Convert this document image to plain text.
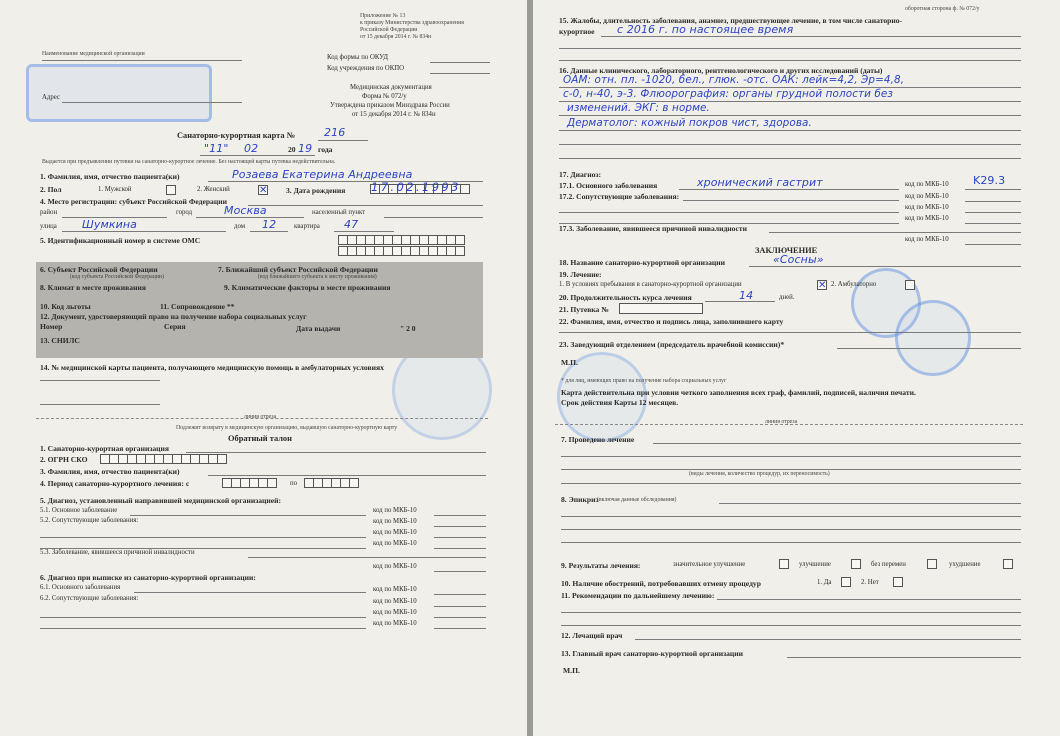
Приложение № 13
к приказу Министерства здравоохранения
Российской Федерации
от 15 декабря 2014 г. № 834н
Наименование медицинской организации
Адрес
Код формы по ОКУД
Код учреждения по ОКПО
Медицинская документация
Форма № 072/у
Утверждена приказом Минздрава России
от 15 декабря 2014 г. № 834н
Санаторно-курортная карта №	216
"11" 02	20 19 года
Выдается при предъявлении путевки на санаторно-курортное лечение. Без настоящей карты путевка недействительна.
1. Фамилия, имя, отчество пациента(ки)	Розаева Екатерина Андреевна
2. Пол	1. Мужской	2. Женский	✕ 3. Дата рождения 17.02.1993
4. Место регистрации: субъект Российской Федерации
район	город	Москва	населенный пункт
улица Шумкина	дом 12	квартира 47
5. Идентификационный номер в системе ОМС
6. Субъект Российской Федерации
(код субъекта Российской Федерации)
7. Ближайший субъект Российской Федерации
(код ближайшего субъекта к месту проживания)
8. Климат в месте проживания	9. Климатические факторы в месте проживания
10. Код льготы	11. Сопровождение **
12. Документ, удостоверяющий право на получение набора социальных услуг
Номер	Серия	Дата выдачи	" 2 0
13. СНИЛС
14. № медицинской карты пациента, получающего медицинскую помощь в амбулаторных условиях
линия отреза
Подлежит возврату в медицинскую организацию, выдавшую санаторно-курортную карту
Обратный талон
1. Санаторно-курортная организация
2. ОГРН СКО
3. Фамилия, имя, отчество пациента(ки)
4. Период санаторно-курортного лечения: с	по
5. Диагноз, установленный направившей медицинской организацией:
5.1. Основное заболевание	код по МКБ-10
5.2. Сопутствующие заболевания:	код по МКБ-10
код по МКБ-10
код по МКБ-10
5.3. Заболевание, явившееся причиной инвалидности
код по МКБ-10
6. Диагноз при выписке из санаторно-курортной организации:
6.1. Основного заболевания	код по МКБ-10
6.2. Сопутствующие заболевания:	код по МКБ-10
код по МКБ-10
код по МКБ-10
оборотная сторона ф. № 072/у
15. Жалобы, длительность заболевания, анамнез, предшествующее лечение, в том числе санаторно-
курортное с 2016 г. по настоящее время
16. Данные клинического, лабораторного, рентгенологического и других исследований (даты)
ОАМ: отн. пл. -1020, бел., глюк. -отс. ОАК: лейк=4,2, Эр=4,8,
с-0, н-40, э-3. Флюорография: органы грудной полости без
изменений. ЭКГ: в норме.
Дерматолог: кожный покров чист, здорова.
17. Диагноз:
17.1. Основного заболевания	хронический гастрит	код по МКБ-10 K29.3
17.2. Сопутствующие заболевания:	код по МКБ-10
код по МКБ-10
код по МКБ-10
17.3. Заболевание, явившееся причиной инвалидности
код по МКБ-10
ЗАКЛЮЧЕНИЕ
18. Название санаторно-курортной организации	«Сосны»
19. Лечение:
1. В условиях пребывания в санаторно-курортной организации	✕ 2. Амбулаторно
20. Продолжительность курса лечения	14	дней.
21. Путевка №
22. Фамилия, имя, отчество и подпись лица, заполнившего карту
23. Заведующий отделением (председатель врачебной комиссии)*
М.П.
* для лиц, имеющих право на получение набора социальных услуг
Карта действительна при условии четкого заполнения всех граф, фамилий, подписей, наличия печати.
Срок действия Карты 12 месяцев.
линия отреза
7. Проведено лечение
(виды лечения, количество процедур, их переносимость)
8. Эпикриз
(включая данные обследования)
9. Результаты лечения:	значительное улучшение	улучшение	без перемен	ухудшение
10. Наличие обострений, потребовавших отмену процедур	1. Да	2. Нет
11. Рекомендации по дальнейшему лечению:
12. Лечащий врач
13. Главный врач санаторно-курортной организации
М.П.
